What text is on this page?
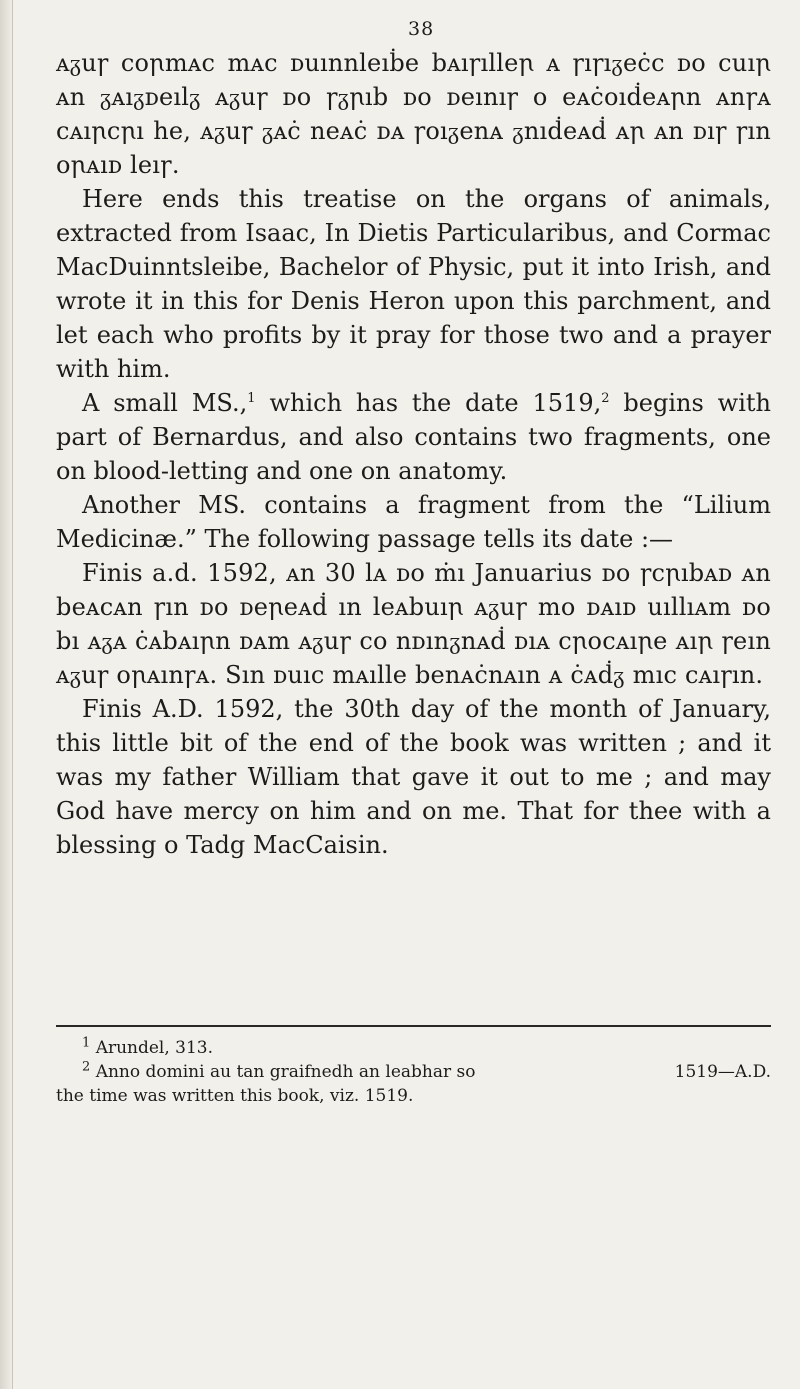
38

ᴀᵹuꞅ coꞃmᴀc mᴀc ᴅuınnleıḃe bᴀıꞅılleꞃ ᴀ ꞅıꞅıᵹeċc ᴅo cuıꞃ ᴀn ᵹᴀıᵹᴅeılᵹ ᴀᵹuꞅ ᴅo ꞅᵹꞃıb ᴅo ᴅeınıꞅ o eᴀċoıḋeᴀꞃn ᴀnꞅᴀ cᴀıꞃcꞃı he, ᴀᵹuꞅ ᵹᴀċ neᴀċ ᴅᴀ ꞅoıᵹenᴀ ᵹnıḋeᴀḋ ᴀꞃ ᴀn ᴅıꞅ ꞅın oꞃᴀıᴅ leıꞅ.

Here ends this treatise on the organs of animals, extracted from Isaac, In Dietis Particularibus, and Cormac MacDuinntsleibe, Bachelor of Physic, put it into Irish, and wrote it in this for Denis Heron upon this parchment, and let each who profits by it pray for those two and a prayer with him.

A small MS.,$^1$ which has the date 1519,$^2$ begins with part of Bernardus, and also contains two fragments, one on blood-letting and one on anatomy.

Another MS. contains a fragment from the “Lilium Medicinæ.” The following passage tells its date :—

Finis a.d. 1592, ᴀn 30 lᴀ ᴅo ṁı Januarius ᴅo ꞅcꞃıbᴀᴅ ᴀn beᴀcᴀn ꞅın ᴅo ᴅeꞃeᴀḋ ın leᴀbuıꞃ ᴀᵹuꞅ mo ᴅᴀıᴅ uıllıᴀm ᴅo bı ᴀᵹᴀ ċᴀbᴀıꞃn ᴅᴀm ᴀᵹuꞅ co nᴅınᵹnᴀḋ ᴅıᴀ cꞃocᴀıꞃe ᴀıꞃ ꞅeın ᴀᵹuꞅ oꞃᴀınꞅᴀ. Sın ᴅuıc mᴀılle benᴀċnᴀın ᴀ ċᴀḋᵹ mıc cᴀıꞅın.

Finis A.D. 1592, the 30th day of the month of January, this little bit of the end of the book was written ; and it was my father William that gave it out to me ; and may God have mercy on him and on me. That for thee with a blessing o Tadg MacCaisin.

$^1$ Arundel, 313.

$^2$ Anno domini au tan graifnedh an leabhar so	1519—A.D.

the time was written this book, viz. 1519.
